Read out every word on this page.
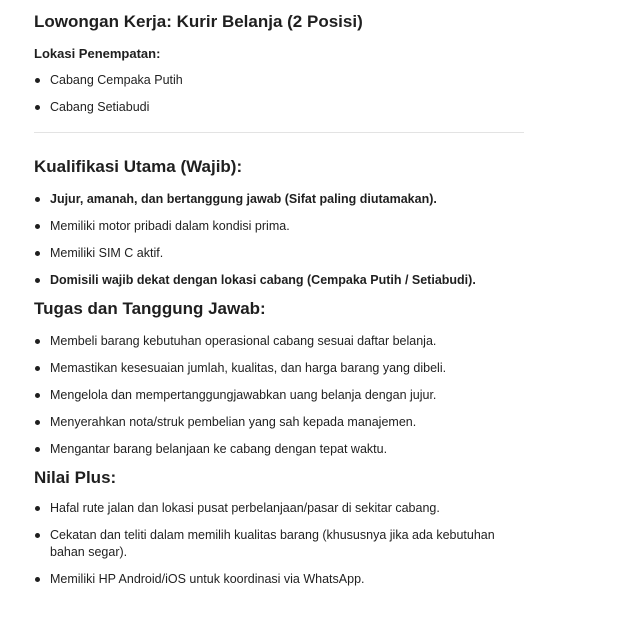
Lowongan Kerja: Kurir Belanja (2 Posisi)
Lokasi Penempatan:
Cabang Cempaka Putih
Cabang Setiabudi
Kualifikasi Utama (Wajib):
Jujur, amanah, dan bertanggung jawab (Sifat paling diutamakan).
Memiliki motor pribadi dalam kondisi prima.
Memiliki SIM C aktif.
Domisili wajib dekat dengan lokasi cabang (Cempaka Putih / Setiabudi).
Tugas dan Tanggung Jawab:
Membeli barang kebutuhan operasional cabang sesuai daftar belanja.
Memastikan kesesuaian jumlah, kualitas, dan harga barang yang dibeli.
Mengelola dan mempertanggungjawabkan uang belanja dengan jujur.
Menyerahkan nota/struk pembelian yang sah kepada manajemen.
Mengantar barang belanjaan ke cabang dengan tepat waktu.
Nilai Plus:
Hafal rute jalan dan lokasi pusat perbelanjaan/pasar di sekitar cabang.
Cekatan dan teliti dalam memilih kualitas barang (khususnya jika ada kebutuhan bahan segar).
Memiliki HP Android/iOS untuk koordinasi via WhatsApp.
